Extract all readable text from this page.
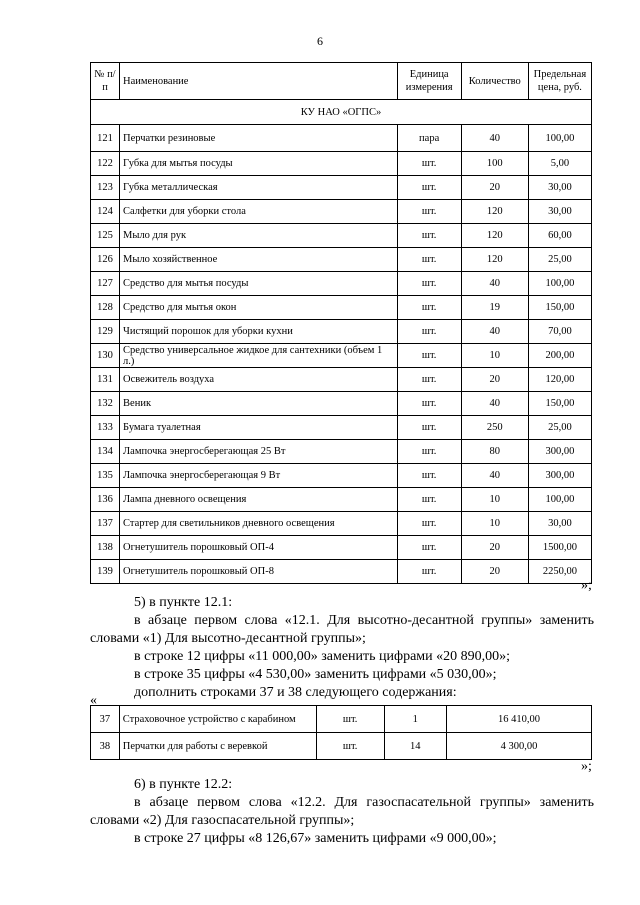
6
№ п/п	Наименование	Единица измерения	Количество	Предельная цена, руб.
КУ НАО «ОГПС»				
121	Перчатки резиновые	пара	40	100,00
122	Губка для мытья посуды	шт.	100	5,00
123	Губка металлическая	шт.	20	30,00
124	Салфетки для уборки стола	шт.	120	30,00
125	Мыло для рук	шт.	120	60,00
126	Мыло хозяйственное	шт.	120	25,00
127	Средство для мытья посуды	шт.	40	100,00
128	Средство для мытья окон	шт.	19	150,00
129	Чистящий порошок для уборки кухни	шт.	40	70,00
130	Средство универсальное жидкое для сантехники (объем 1 л.)	шт.	10	200,00
131	Освежитель воздуха	шт.	20	120,00
132	Веник	шт.	40	150,00
133	Бумага туалетная	шт.	250	25,00
134	Лампочка энергосберегающая 25 Вт	шт.	80	300,00
135	Лампочка энергосберегающая 9 Вт	шт.	40	300,00
136	Лампа дневного освещения	шт.	10	100,00
137	Стартер для светильников дневного освещения	шт.	10	30,00
138	Огнетушитель порошковый ОП-4	шт.	20	1500,00
139	Огнетушитель порошковый ОП-8	шт.	20	2250,00
»;
5) в пункте 12.1:
в абзаце первом слова «12.1. Для высотно-десантной группы» заменить словами «1) Для высотно-десантной группы»;
в строке 12 цифры «11 000,00» заменить цифрами «20 890,00»;
в строке 35 цифры «4 530,00» заменить цифрами «5 030,00»;
дополнить строками 37 и 38 следующего содержания:
«
37	Страховочное устройство с карабином	шт.	1	16 410,00
38	Перчатки для работы с веревкой	шт.	14	4 300,00
»;
6) в пункте 12.2:
в абзаце первом слова «12.2. Для газоспасательной группы» заменить словами «2) Для газоспасательной группы»;
в строке 27 цифры «8 126,67» заменить цифрами «9 000,00»;
